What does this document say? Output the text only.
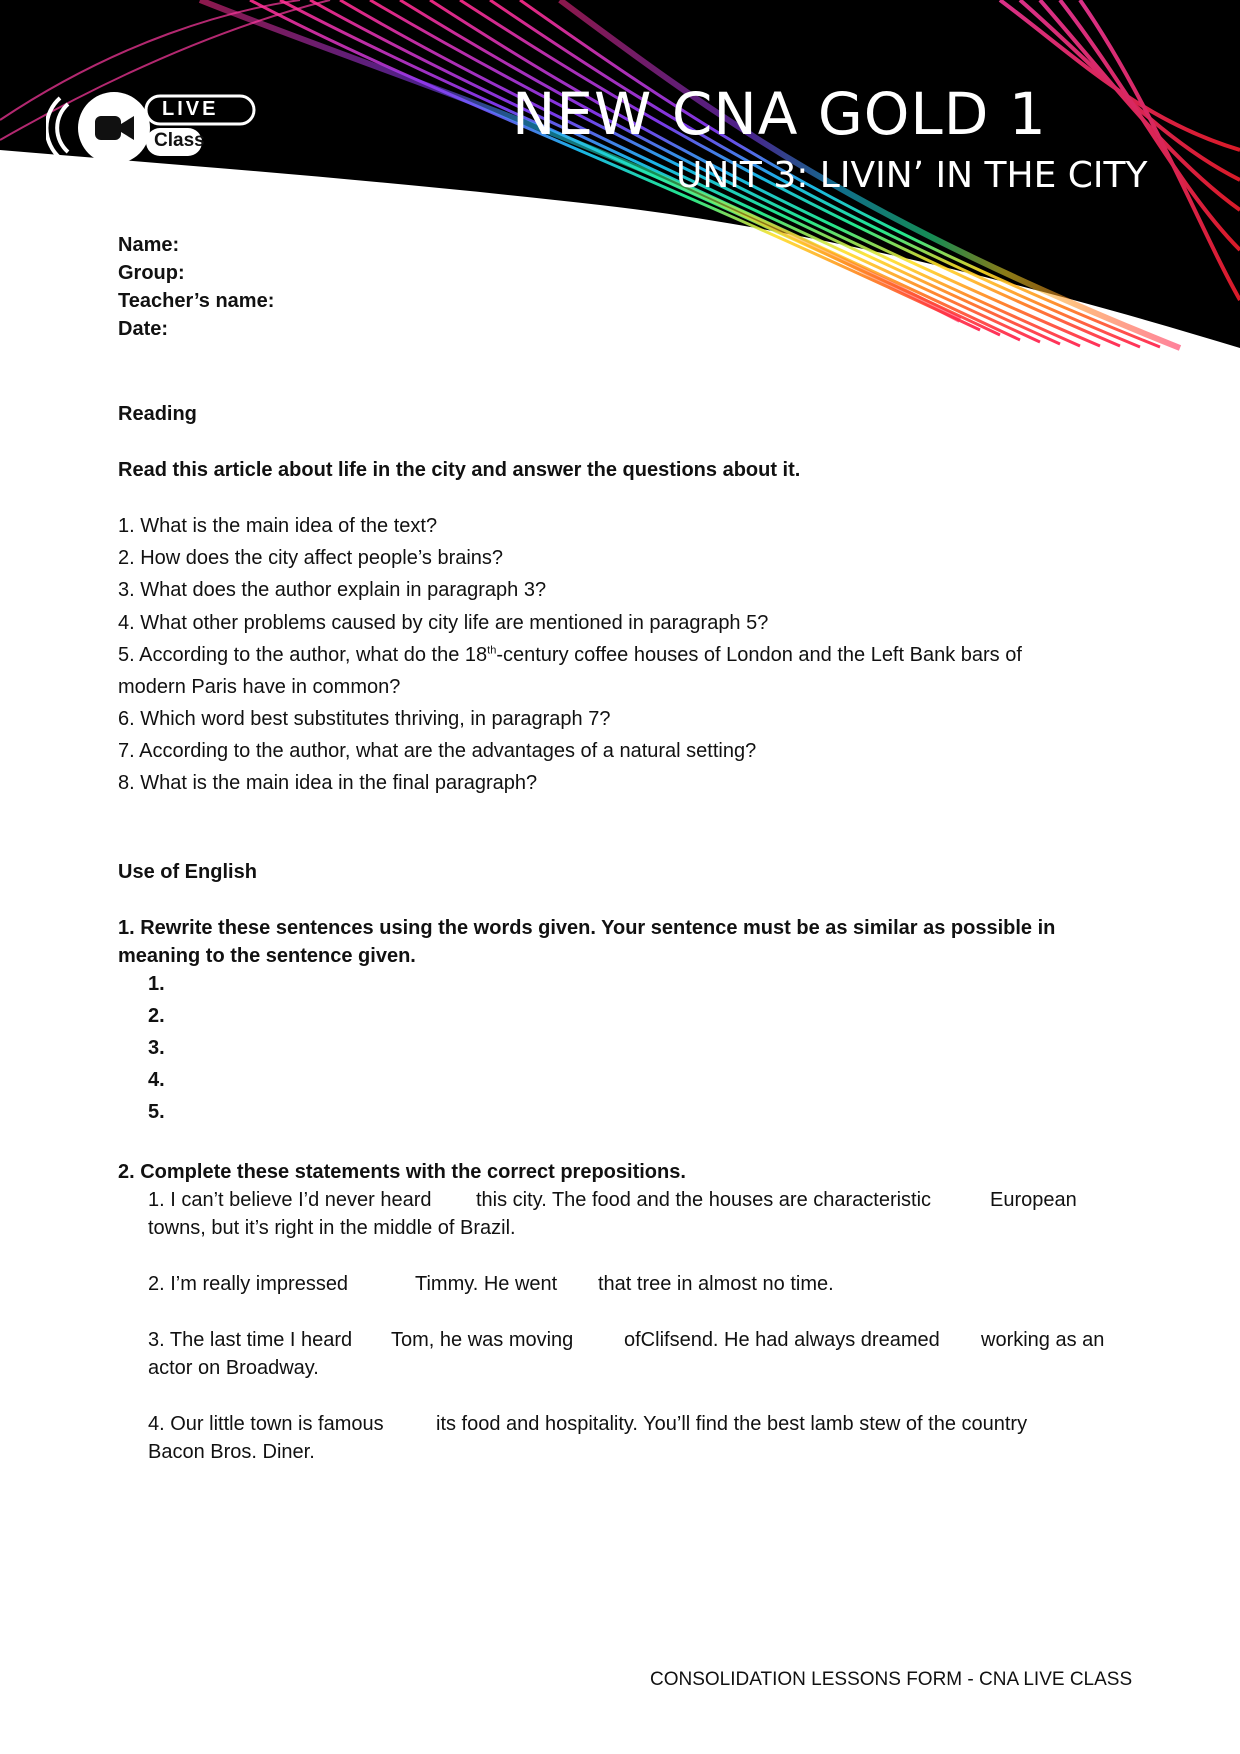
LIVE
Class	NEW CNA GOLD 1
UNIT 3: LIVIN’ IN THE CITY
Name:
Group:
Teacher’s name:
Date:
Reading
Read this article about life in the city and answer the questions about it.
1. What is the main idea of the text?
2. How does the city affect people’s brains?
3. What does the author explain in paragraph 3?
4. What other problems caused by city life are mentioned in paragraph 5?
5. According to the author, what do the 18th-century coffee houses of London and the Left Bank bars of
modern Paris have in common?
6. Which word best substitutes thriving, in paragraph 7?
7. According to the author, what are the advantages of a natural setting?
8. What is the main idea in the final paragraph?
Use of English
1. Rewrite these sentences using the words given. Your sentence must be as similar as possible in
meaning to the sentence given.
1.
2.
3.
4.
5.
2. Complete these statements with the correct prepositions.
1. I can’t believe I’d never heard this city. The food and the houses are characteristic	European
towns, but it’s right in the middle of Brazil.
2. I’m really impressed	Timmy. He went that tree in almost no time.
3. The last time I heard Tom, he was moving	ofClifsend. He had always dreamed working as an
actor on Broadway.
4. Our little town is famous	its food and hospitality. You’ll find the best lamb stew of the country
Bacon Bros. Diner.
CONSOLIDATION LESSONS FORM - CNA LIVE CLASS
